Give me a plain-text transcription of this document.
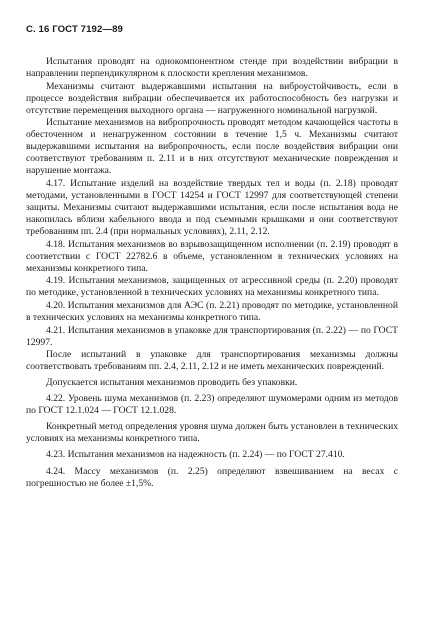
С. 16 ГОСТ 7192—89

Испытания проводят на однокомпонентном стенде при воздействии вибрации в направлении перпендикулярном к плоскости крепления механизмов.

Механизмы считают выдержавшими испытания на виброустойчивость, если в процессе воздействия вибрации обеспечивается их работоспособность без нагрузки и отсутствие перемещения выходного органа — нагруженного номинальной нагрузкой.

Испытание механизмов на вибропрочность проводят методом качающейся частоты в обесточенном и ненагруженном состоянии в течение 1,5 ч. Механизмы считают выдержавшими испытания на вибропрочность, если после воздействия вибрации они соответствуют требованиям п. 2.11 и в них отсутствуют механические повреждения и нарушение монтажа.

4.17. Испытание изделий на воздействие твердых тел и воды (п. 2.18) проводят методами, установленными в ГОСТ 14254 и ГОСТ 12997 для соответствующей степени защиты. Механизмы считают выдержавшими испытания, если после испытания вода не накопилась вблизи кабельного ввода и под съемными крышками и они соответствуют требованиям пп. 2.4 (при нормальных условиях), 2.11, 2.12.

4.18. Испытания механизмов во взрывозащищенном исполнении (п. 2.19) проводят в соответствии с ГОСТ 22782.6 в объеме, установленном в технических условиях на механизмы конкретного типа.

4.19. Испытания механизмов, защищенных от агрессивной среды (п. 2.20) проводят по методике, установленной в технических условиях на механизмы конкретного типа.

4.20. Испытания механизмов для АЭС (п. 2.21) проводят по методике, установленной в технических условиях на механизмы конкретного типа.

4.21. Испытания механизмов в упаковке для транспортирования (п. 2.22) — по ГОСТ 12997.

После испытаний в упаковке для транспортирования механизмы должны соответствовать требованиям пп. 2.4, 2.11, 2.12 и не иметь механических повреждений.

Допускается испытания механизмов проводить без упаковки.

4.22. Уровень шума механизмов (п. 2.23) определяют шумомерами одним из методов по ГОСТ 12.1.024 — ГОСТ 12.1.028.

Конкретный метод определения уровня шума должен быть установлен в технических условиях на механизмы конкретного типа.

4.23. Испытания механизмов на надежность (п. 2.24) — по ГОСТ 27.410.

4.24. Массу механизмов (п. 2.25) определяют взвешиванием на весах с погрешностью не более ±1,5%.
